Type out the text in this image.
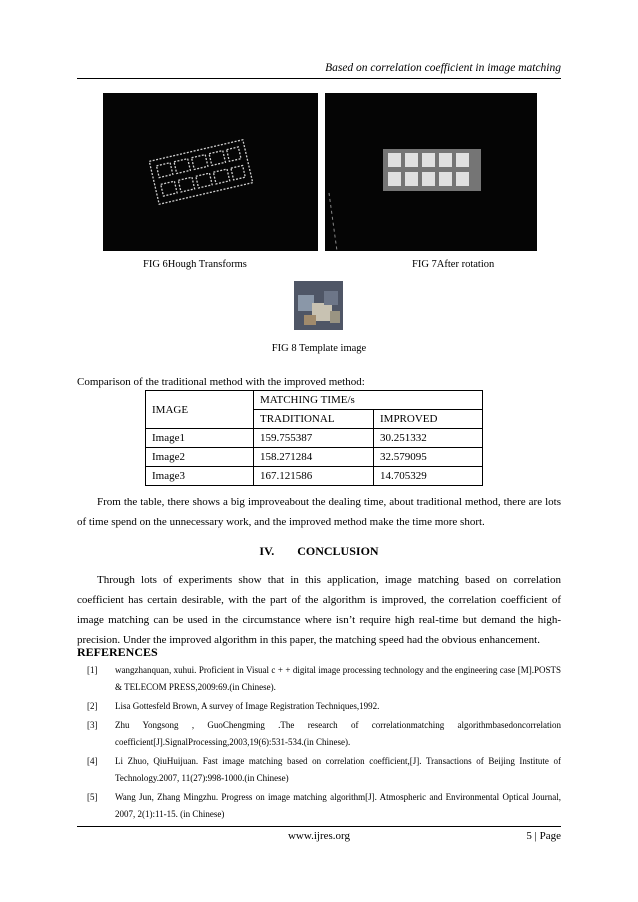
Based on correlation coefficient in image matching
FIG 6Hough Transforms	FIG 7After rotation
FIG 8 Template image
Comparison of the traditional method with the improved method:
IMAGE	MATCHING TIME/s	
	TRADITIONAL	IMPROVED
Image1	159.755387	30.251332
Image2	158.271284	32.579095
Image3	167.121586	14.705329

From the table, there shows a big improveabout the dealing time, about traditional method, there are lots of time spend on the unnecessary work, and the improved method make the time more short.

IV. CONCLUSION

Through lots of experiments show that in this application, image matching based on correlation coefficient has certain desirable, with the part of the algorithm is improved, the correlation coefficient of image matching can be used in the circumstance where isn’t require high real-time but demand the high-precision. Under the improved algorithm in this paper, the matching speed had the obvious enhancement.

REFERENCES
[1]	wangzhanquan, xuhui. Proficient in Visual c + + digital image processing technology and the engineering case [M].POSTS & TELECOM PRESS,2009:69.(in Chinese).
[2]	Lisa Gottesfeld Brown, A survey of Image Registration Techniques,1992.
[3]	Zhu Yongsong , GuoChengming .The research of correlationmatching algorithmbasedoncorrelation coefficient[J].SignalProcessing,2003,19(6):531-534.(in Chinese).
[4]	Li Zhuo, QiuHuijuan. Fast image matching based on correlation coefficient,[J]. Transactions of Beijing Institute of Technology.2007, 11(27):998-1000.(in Chinese)
[5]	Wang Jun, Zhang Mingzhu. Progress on image matching algorithm[J]. Atmospheric and Environmental Optical Journal, 2007, 2(1):11-15. (in Chinese)
www.ijres.org	5 | Page
